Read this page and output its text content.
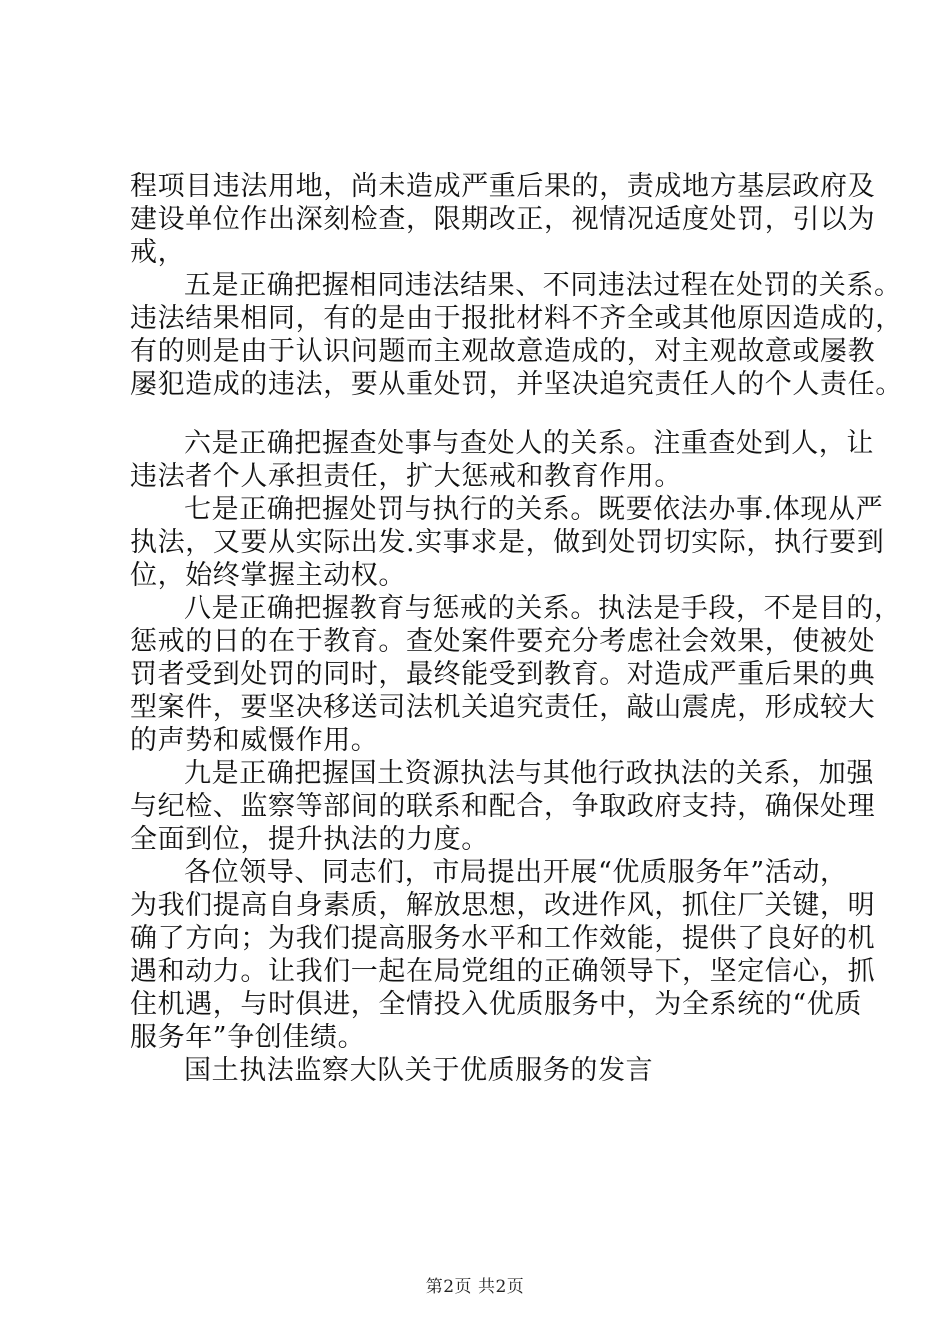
程项目违法用地，尚未造成严重后果的，责成地方基层政府及
建设单位作出深刻检查，限期改正，视情况适度处罚，引以为
戒，
五是正确把握相同违法结果、不同违法过程在处罚的关系。
违法结果相同，有的是由于报批材料不齐全或其他原因造成的，
有的则是由于认识问题而主观故意造成的，对主观故意或屡教
屡犯造成的违法，要从重处罚，并坚决追究责任人的个人责任。
六是正确把握查处事与查处人的关系。注重查处到人，让
违法者个人承担责任，扩大惩戒和教育作用。
七是正确把握处罚与执行的关系。既要依法办事.体现从严
执法，又要从实际出发.实事求是，做到处罚切实际，执行要到
位，始终掌握主动权。
八是正确把握教育与惩戒的关系。执法是手段，不是目的，
惩戒的日的在于教育。查处案件要充分考虑社会效果，使被处
罚者受到处罚的同时，最终能受到教育。对造成严重后果的典
型案件，要坚决移送司法机关追究责任，敲山震虎，形成较大
的声势和威慑作用。
九是正确把握国土资源执法与其他行政执法的关系，加强
与纪检、监察等部间的联系和配合，争取政府支持，确保处理
全面到位，提升执法的力度。
各位领导、同志们，市局提出开展“优质服务年”活动，
为我们提高自身素质，解放思想，改进作风，抓住厂关键，明
确了方向；为我们提高服务水平和工作效能，提供了良好的机
遇和动力。让我们一起在局党组的正确领导下，坚定信心，抓
住机遇，与时俱进，全情投入优质服务中，为全系统的“优质
服务年”争创佳绩。
国土执法监察大队关于优质服务的发言
第2页 共2页
